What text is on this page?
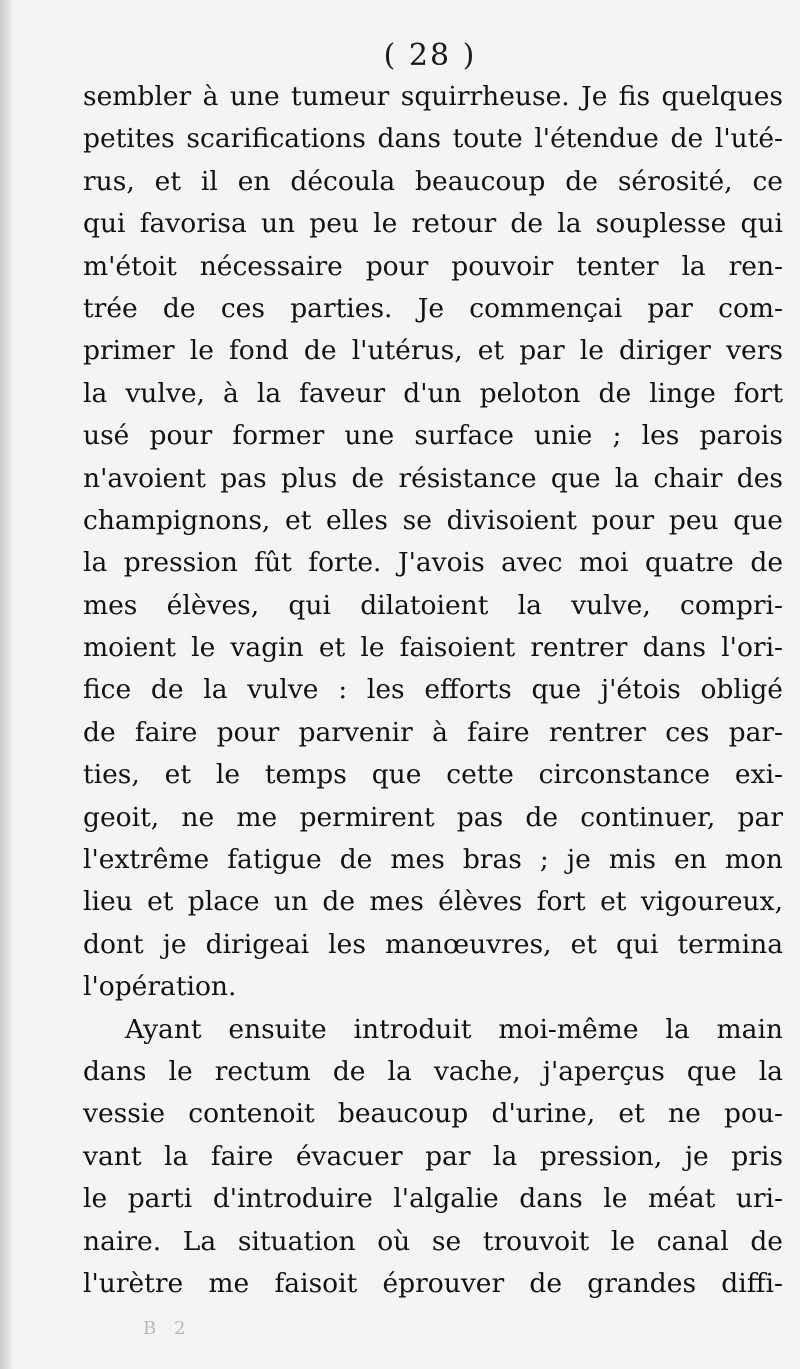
( 28 )
sembler à une tumeur squirrheuse. Je fis quelques
petites scarifications dans toute l'étendue de l'uté-
rus, et il en découla beaucoup de sérosité, ce
qui favorisa un peu le retour de la souplesse qui
m'étoit nécessaire pour pouvoir tenter la ren-
trée de ces parties. Je commençai par com-
primer le fond de l'utérus, et par le diriger vers
la vulve, à la faveur d'un peloton de linge fort
usé pour former une surface unie ; les parois
n'avoient pas plus de résistance que la chair des
champignons, et elles se divisoient pour peu que
la pression fût forte. J'avois avec moi quatre de
mes élèves, qui dilatoient la vulve, compri-
moient le vagin et le faisoient rentrer dans l'ori-
fice de la vulve : les efforts que j'étois obligé
de faire pour parvenir à faire rentrer ces par-
ties, et le temps que cette circonstance exi-
geoit, ne me permirent pas de continuer, par
l'extrême fatigue de mes bras ; je mis en mon
lieu et place un de mes élèves fort et vigoureux,
dont je dirigeai les manœuvres, et qui termina
l'opération.
Ayant ensuite introduit moi-même la main
dans le rectum de la vache, j'aperçus que la
vessie contenoit beaucoup d'urine, et ne pou-
vant la faire évacuer par la pression, je pris
le parti d'introduire l'algalie dans le méat uri-
naire. La situation où se trouvoit le canal de
l'urètre me faisoit éprouver de grandes diffi-
B 2
